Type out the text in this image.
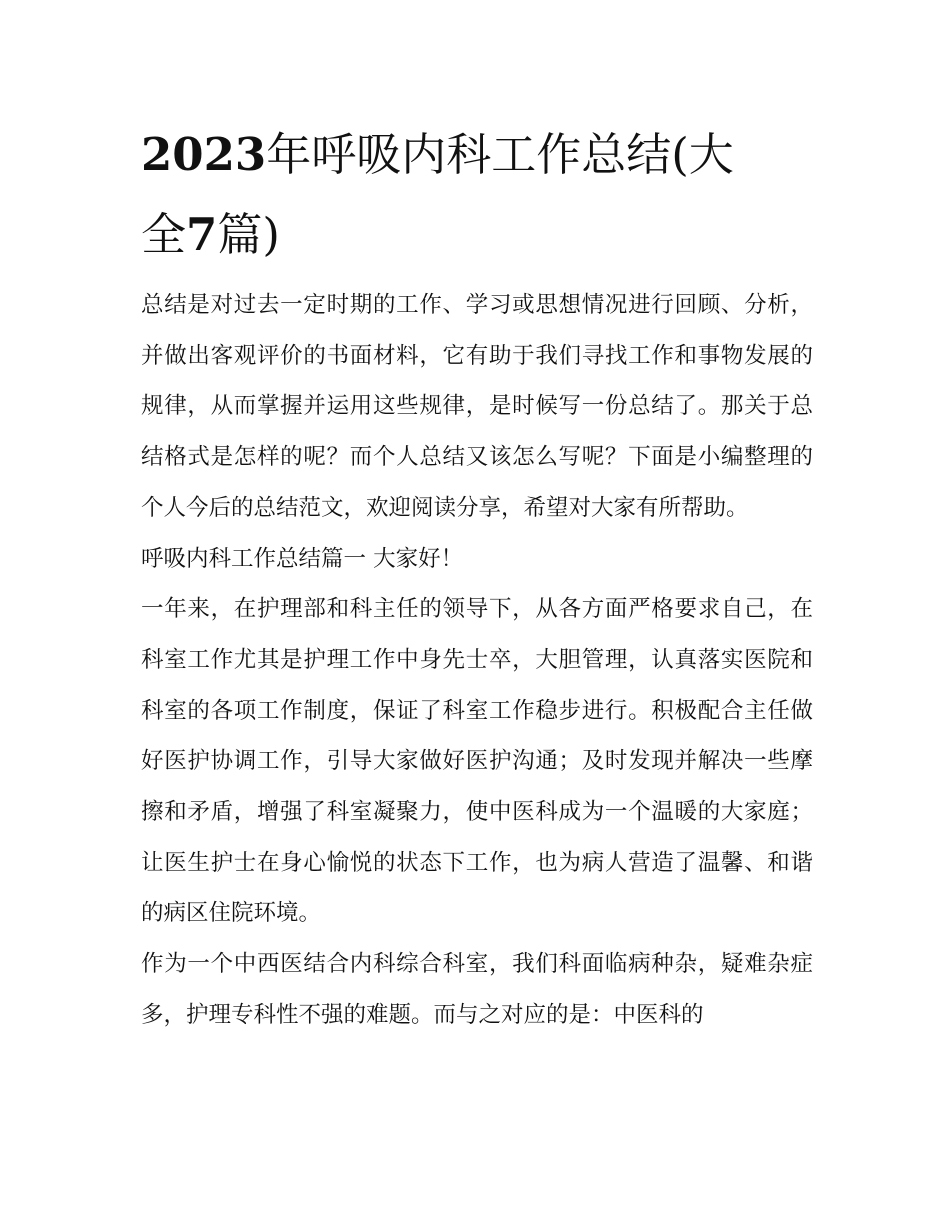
2023年呼吸内科工作总结(大
全7篇)

总结是对过去一定时期的工作、学习或思想情况进行回顾、分析，并做出客观评价的书面材料，它有助于我们寻找工作和事物发展的规律，从而掌握并运用这些规律，是时候写一份总结了。那关于总结格式是怎样的呢？而个人总结又该怎么写呢？下面是小编整理的个人今后的总结范文，欢迎阅读分享，希望对大家有所帮助。

呼吸内科工作总结篇一 大家好！

一年来，在护理部和科主任的领导下，从各方面严格要求自己，在科室工作尤其是护理工作中身先士卒，大胆管理，认真落实医院和科室的各项工作制度，保证了科室工作稳步进行。积极配合主任做好医护协调工作，引导大家做好医护沟通；及时发现并解决一些摩擦和矛盾，增强了科室凝聚力，使中医科成为一个温暖的大家庭；让医生护士在身心愉悦的状态下工作，也为病人营造了温馨、和谐的病区住院环境。

作为一个中西医结合内科综合科室，我们科面临病种杂，疑难杂症多，护理专科性不强的难题。而与之对应的是：中医科的
